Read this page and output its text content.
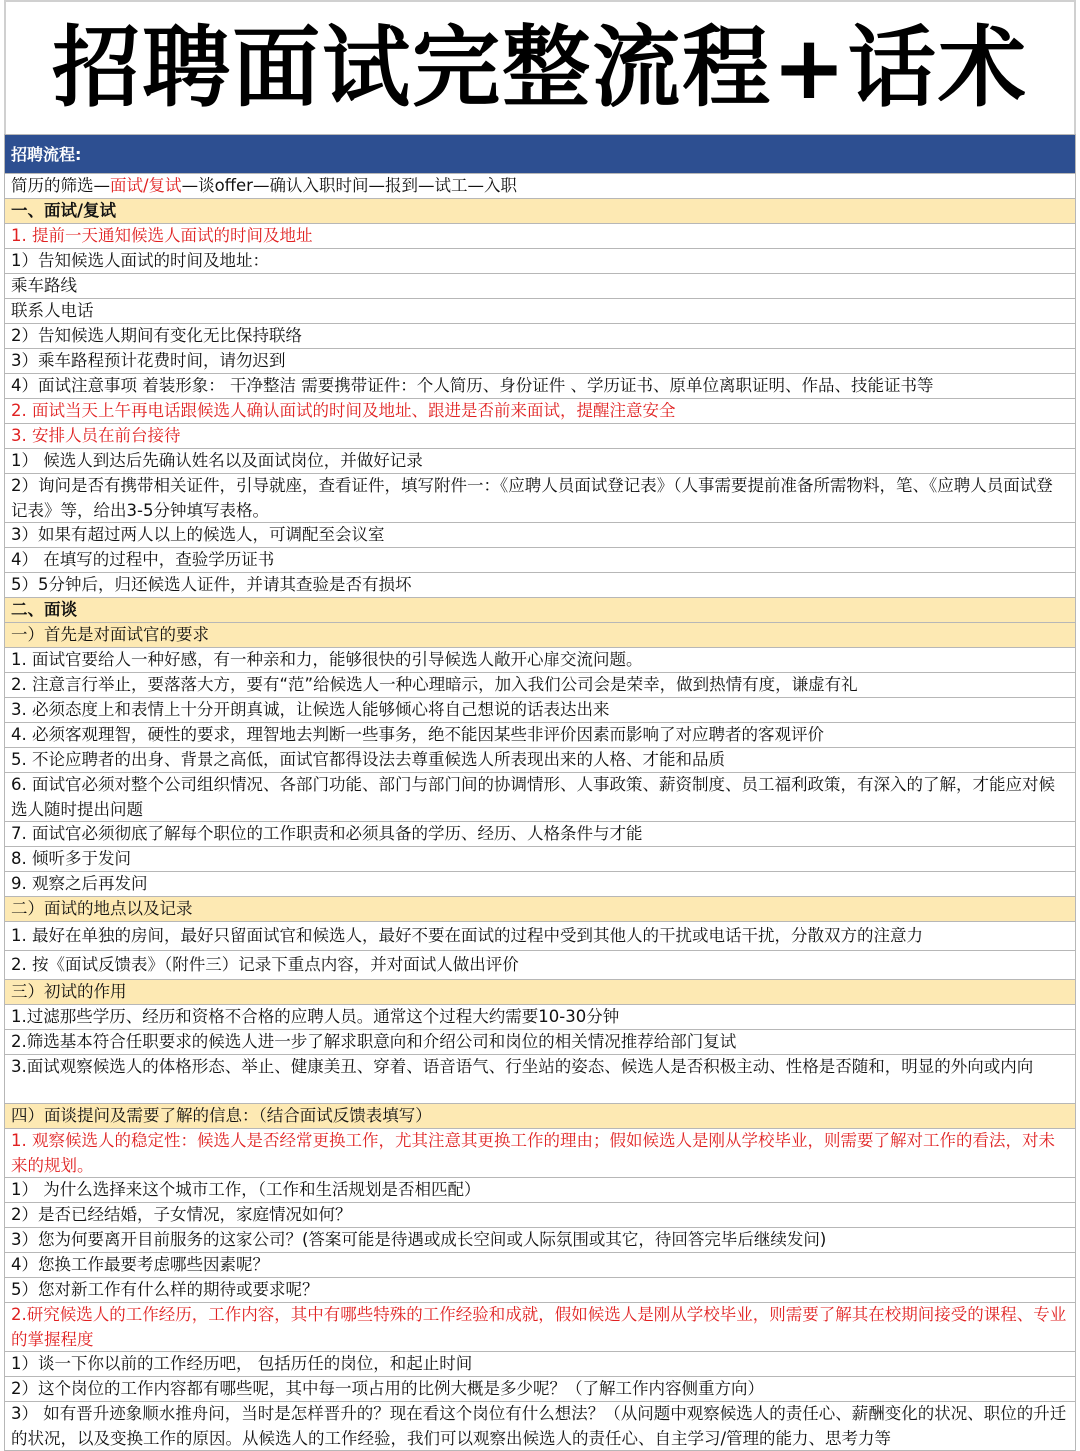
招聘面试完整流程+话术
招聘流程:
简历的筛选—面试/复试—谈offer—确认入职时间—报到—试工—入职
一、面试/复试
1. 提前一天通知候选人面试的时间及地址
1）告知候选人面试的时间及地址：
乘车路线
联系人电话
2）告知候选人期间有变化无比保持联络
3）乘车路程预计花费时间，请勿迟到
4）面试注意事项 着装形象： 干净整洁 需要携带证件：个人简历、身份证件 、学历证书、原单位离职证明、作品、技能证书等
2. 面试当天上午再电话跟候选人确认面试的时间及地址、跟进是否前来面试，提醒注意安全
3. 安排人员在前台接待
1） 候选人到达后先确认姓名以及面试岗位，并做好记录
2）询问是否有携带相关证件，引导就座，查看证件，填写附件一：《应聘人员面试登记表》（人事需要提前准备所需物料，笔、《应聘人员面试登记表》等，给出3-5分钟填写表格。
3）如果有超过两人以上的候选人，可调配至会议室
4） 在填写的过程中，查验学历证书
5）5分钟后，归还候选人证件，并请其查验是否有损坏
二、面谈
一）首先是对面试官的要求
1. 面试官要给人一种好感，有一种亲和力，能够很快的引导候选人敞开心扉交流问题。
2. 注意言行举止，要落落大方，要有“范”给候选人一种心理暗示，加入我们公司会是荣幸，做到热情有度，谦虚有礼
3. 必须态度上和表情上十分开朗真诚，让候选人能够倾心将自己想说的话表达出来
4. 必须客观理智，硬性的要求，理智地去判断一些事务，绝不能因某些非评价因素而影响了对应聘者的客观评价
5. 不论应聘者的出身、背景之高低，面试官都得设法去尊重候选人所表现出来的人格、才能和品质
6. 面试官必须对整个公司组织情况、各部门功能、部门与部门间的协调情形、人事政策、薪资制度、员工福利政策，有深入的了解，才能应对候选人随时提出问题
7. 面试官必须彻底了解每个职位的工作职责和必须具备的学历、经历、人格条件与才能
8. 倾听多于发问
9. 观察之后再发问
二）面试的地点以及记录
1. 最好在单独的房间，最好只留面试官和候选人，最好不要在面试的过程中受到其他人的干扰或电话干扰，分散双方的注意力
2. 按《面试反馈表》（附件三）记录下重点内容，并对面试人做出评价
三）初试的作用
1.过滤那些学历、经历和资格不合格的应聘人员。通常这个过程大约需要10-30分钟
2.筛选基本符合任职要求的候选人进一步了解求职意向和介绍公司和岗位的相关情况推荐给部门复试
3.面试观察候选人的体格形态、举止、健康美丑、穿着、语音语气、行坐站的姿态、候选人是否积极主动、性格是否随和，明显的外向或内向
四）面谈提问及需要了解的信息：（结合面试反馈表填写）
1. 观察候选人的稳定性：候选人是否经常更换工作，尤其注意其更换工作的理由；假如候选人是刚从学校毕业，则需要了解对工作的看法，对未来的规划。
1） 为什么选择来这个城市工作，（工作和生活规划是否相匹配）
2）是否已经结婚，子女情况，家庭情况如何？
3）您为何要离开目前服务的这家公司？(答案可能是待遇或成长空间或人际氛围或其它，待回答完毕后继续发问)
4）您换工作最要考虑哪些因素呢？
5）您对新工作有什么样的期待或要求呢？
2.研究候选人的工作经历，工作内容，其中有哪些特殊的工作经验和成就，假如候选人是刚从学校毕业，则需要了解其在校期间接受的课程、专业的掌握程度
1）谈一下你以前的工作经历吧， 包括历任的岗位，和起止时间
2）这个岗位的工作内容都有哪些呢，其中每一项占用的比例大概是多少呢？（了解工作内容侧重方向）
3） 如有晋升迹象顺水推舟问，当时是怎样晋升的？现在看这个岗位有什么想法？（从问题中观察候选人的责任心、薪酬变化的状况、职位的升迁的状况，以及变换工作的原因。从候选人的工作经验，我们可以观察出候选人的责任心、自主学习/管理的能力、思考力等
